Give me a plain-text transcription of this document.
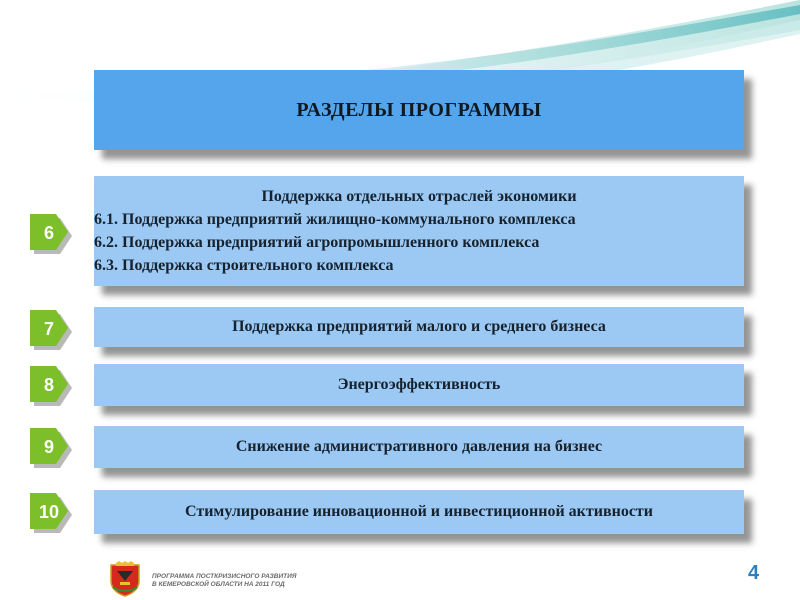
РАЗДЕЛЫ ПРОГРАММЫ
6
Поддержка отдельных отраслей экономики
6.1. Поддержка предприятий жилищно-коммунального комплекса
6.2. Поддержка предприятий агропромышленного комплекса
6.3. Поддержка строительного комплекса
7	Поддержка предприятий малого и среднего бизнеса
8	Энергоэффективность
9	Снижение административного давления на бизнес
10	Стимулирование инновационной и инвестиционной активности
ПРОГРАММА ПОСТКРИЗИСНОГО РАЗВИТИЯ
В КЕМЕРОВСКОЙ ОБЛАСТИ НА 2011 ГОД
4
